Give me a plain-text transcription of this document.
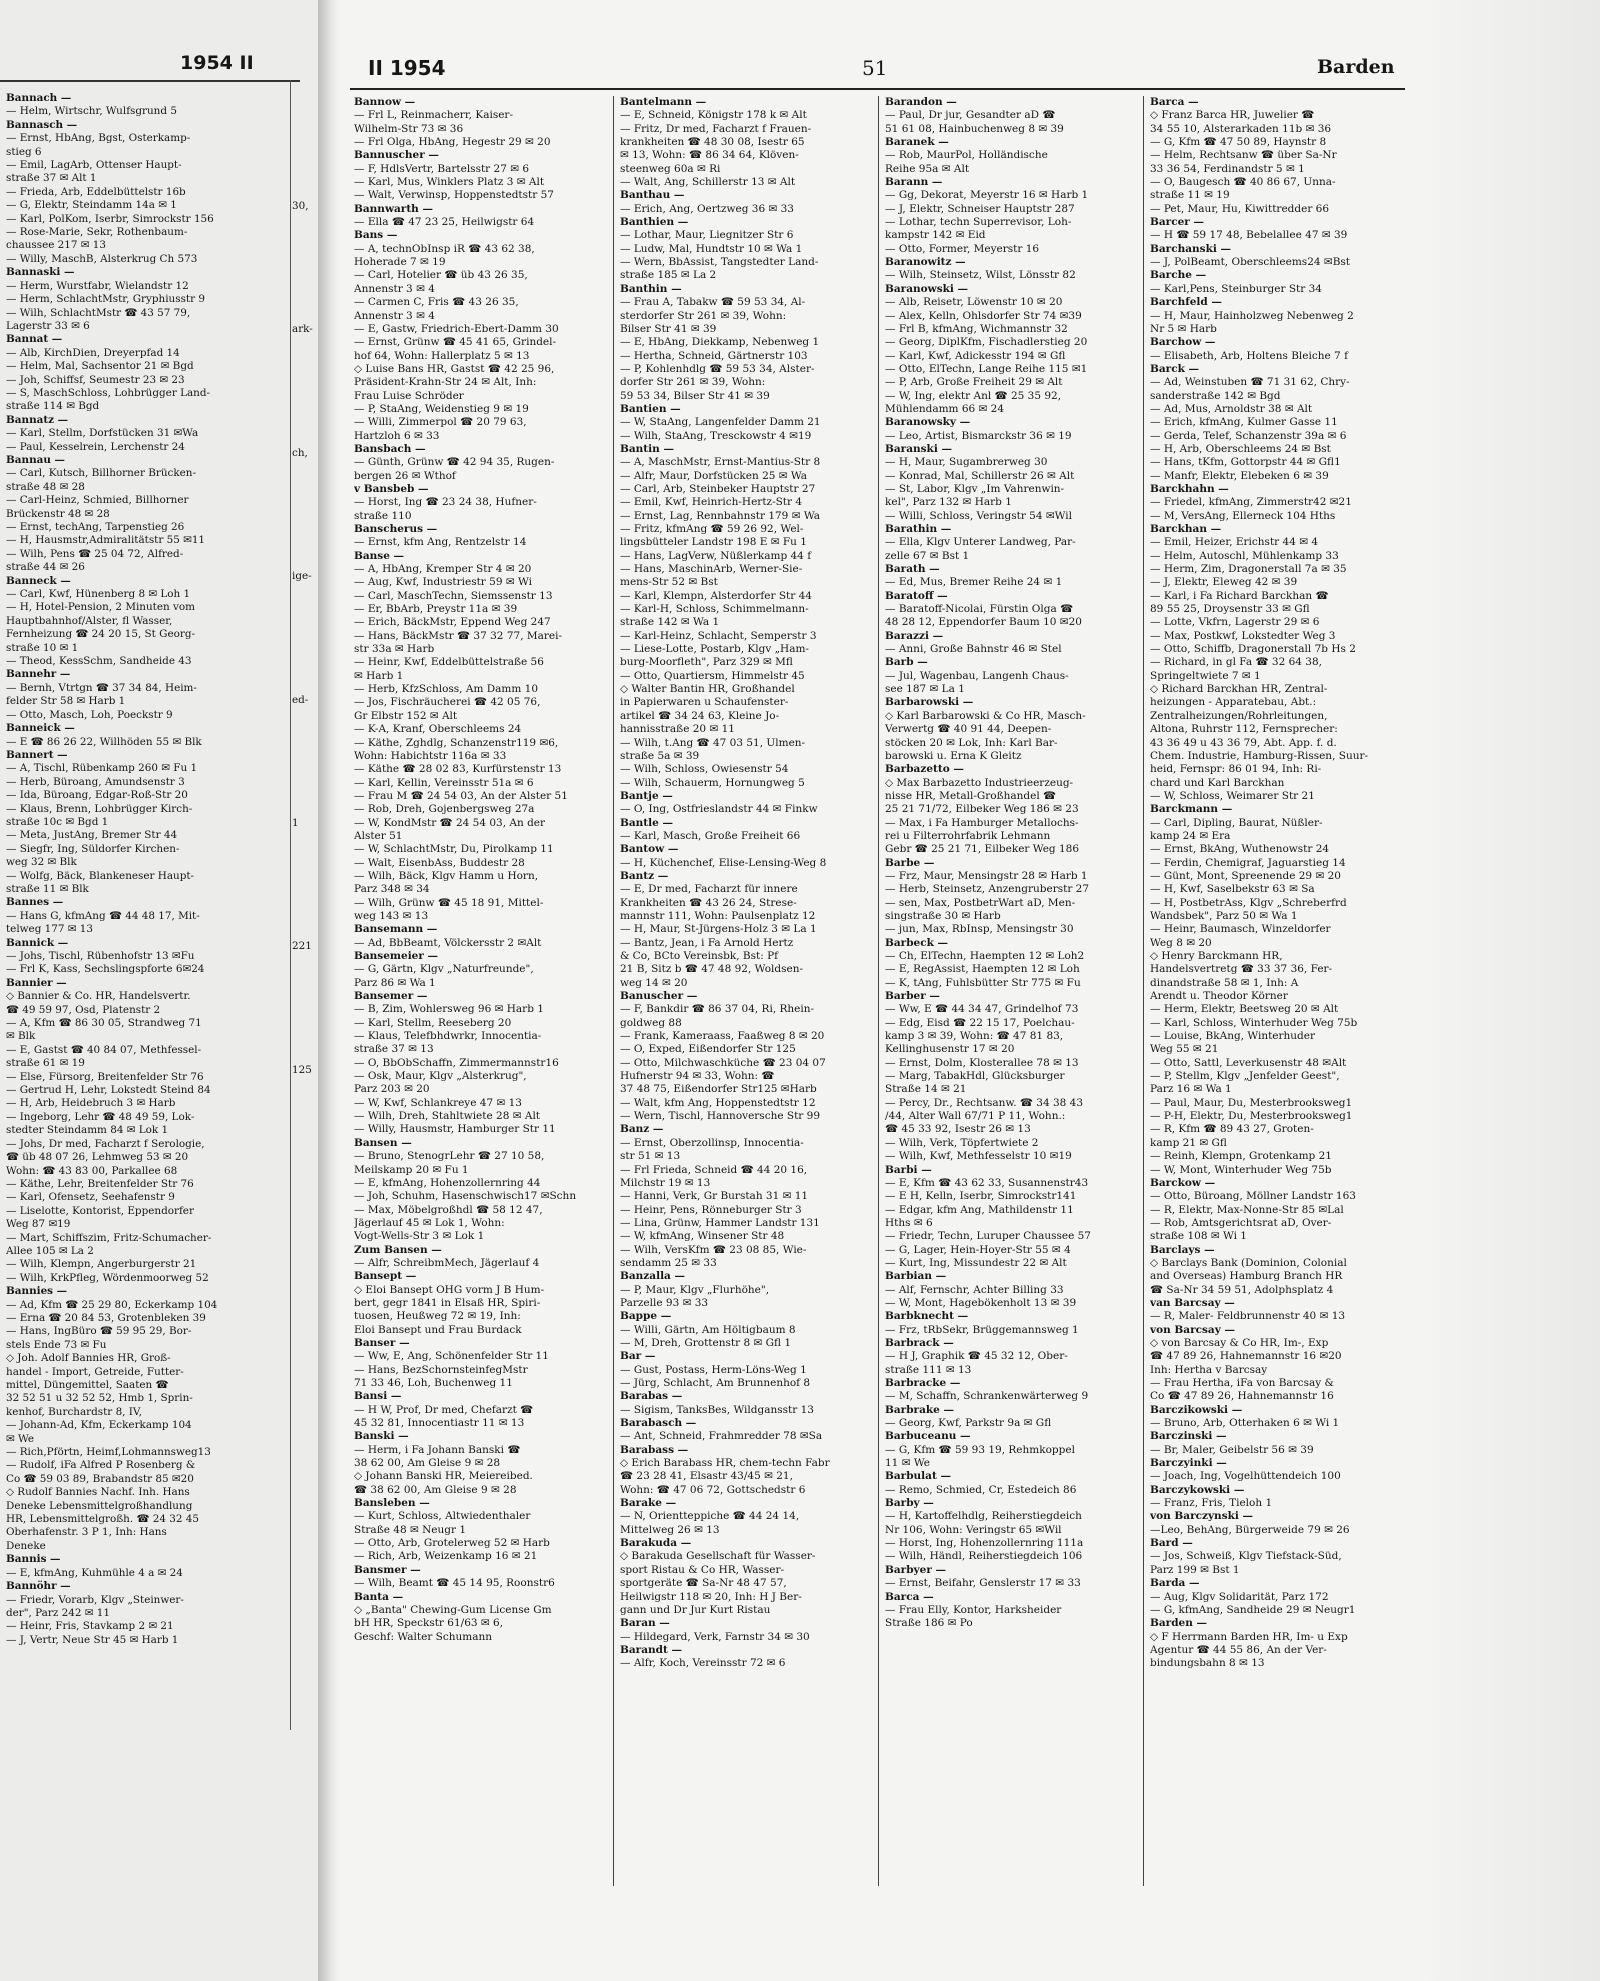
1954 II
Bannach —
— Helm, Wirtschr, Wulfsgrund 5
Bannasch —
— Ernst, HbAng, Bgst, Osterkamp-
stieg 6
— Emil, LagArb, Ottenser Haupt-
straße 37 ✉ Alt 1
— Frieda, Arb, Eddelbüttelstr 16b
— G, Elektr, Steindamm 14a ✉ 1
— Karl, PolKom, Iserbr, Simrockstr 156
— Rose-Marie, Sekr, Rothenbaum-
chaussee 217 ✉ 13
— Willy, MaschB, Alsterkrug Ch 573
Bannaski —
— Herm, Wurstfabr, Wielandstr 12
— Herm, SchlachtMstr, Gryphiusstr 9
— Wilh, SchlachtMstr ☎ 43 57 79,
Lagerstr 33 ✉ 6
Bannat —
— Alb, KirchDien, Dreyerpfad 14
— Helm, Mal, Sachsentor 21 ✉ Bgd
— Joh, Schiffsf, Seumestr 23 ✉ 23
— S, MaschSchloss, Lohbrügger Land-
straße 114 ✉ Bgd
Bannatz —
— Karl, Stellm, Dorfstücken 31 ✉Wa
— Paul, Kesselrein, Lerchenstr 24
Bannau —
— Carl, Kutsch, Billhorner Brücken-
straße 48 ✉ 28
— Carl-Heinz, Schmied, Billhorner
Brückenstr 48 ✉ 28
— Ernst, techAng, Tarpenstieg 26
— H, Hausmstr,Admiralitätstr 55 ✉11
— Wilh, Pens ☎ 25 04 72, Alfred-
straße 44 ✉ 26
Banneck —
— Carl, Kwf, Hünenberg 8 ✉ Loh 1
— H, Hotel-Pension, 2 Minuten vom
Hauptbahnhof/Alster, fl Wasser,
Fernheizung ☎ 24 20 15, St Georg-
straße 10 ✉ 1
— Theod, KessSchm, Sandheide 43
Bannehr —
— Bernh, Vtrtgn ☎ 37 34 84, Heim-
felder Str 58 ✉ Harb 1
— Otto, Masch, Loh, Poeckstr 9
Banneick —
— E ☎ 86 26 22, Willhöden 55 ✉ Blk
Bannert —
— A, Tischl, Rübenkamp 260 ✉ Fu 1
— Herb, Büroang, Amundsenstr 3
— Ida, Büroang, Edgar-Roß-Str 20
— Klaus, Brenn, Lohbrügger Kirch-
straße 10c ✉ Bgd 1
— Meta, JustAng, Bremer Str 44
— Siegfr, Ing, Süldorfer Kirchen-
weg 32 ✉ Blk
— Wolfg, Bäck, Blankeneser Haupt-
straße 11 ✉ Blk
Bannes —
— Hans G, kfmAng ☎ 44 48 17, Mit-
telweg 177 ✉ 13
Bannick —
— Johs, Tischl, Rübenhofstr 13 ✉Fu
— Frl K, Kass, Sechslingspforte 6✉24
Bannier —
◇ Bannier & Co. HR, Handelsvertr.
☎ 49 59 97, Osd, Platenstr 2
— A, Kfm ☎ 86 30 05, Strandweg 71
✉ Blk
— E, Gastst ☎ 40 84 07, Methfessel-
straße 61 ✉ 19
— Else, Fürsorg, Breitenfelder Str 76
— Gertrud H, Lehr, Lokstedt Steind 84
— H, Arb, Heidebruch 3 ✉ Harb
— Ingeborg, Lehr ☎ 48 49 59, Lok-
stedter Steindamm 84 ✉ Lok 1
— Johs, Dr med, Facharzt f Serologie,
☎ üb 48 07 26, Lehmweg 53 ✉ 20
Wohn: ☎ 43 83 00, Parkallee 68
— Käthe, Lehr, Breitenfelder Str 76
— Karl, Ofensetz, Seehafenstr 9
— Liselotte, Kontorist, Eppendorfer
Weg 87 ✉19
— Mart, Schiffszim, Fritz-Schumacher-
Allee 105 ✉ La 2
— Wilh, Klempn, Angerburgerstr 21
— Wilh, KrkPfleg, Wördenmoorweg 52
Bannies —
— Ad, Kfm ☎ 25 29 80, Eckerkamp 104
— Erna ☎ 20 84 53, Grotenbleken 39
— Hans, IngBüro ☎ 59 95 29, Bor-
stels Ende 73 ✉ Fu
◇ Joh. Adolf Bannies HR, Groß-
handel - Import, Getreide, Futter-
mittel, Düngemittel, Saaten ☎
32 52 51 u 32 52 52, Hmb 1, Sprin-
kenhof, Burchardstr 8, IV,
— Johann-Ad, Kfm, Eckerkamp 104
✉ We
— Rich,Pförtn, Heimf,Lohmannsweg13
— Rudolf, iFa Alfred P Rosenberg &
Co ☎ 59 03 89, Brabandstr 85 ✉20
◇ Rudolf Bannies Nachf. Inh. Hans
Deneke Lebensmittelgroßhandlung
HR, Lebensmittelgroßh. ☎ 24 32 45
Oberhafenstr. 3 P 1, Inh: Hans
Deneke
Bannis —
— E, kfmAng, Kuhmühle 4 a ✉ 24
Bannöhr —
— Friedr, Vorarb, Klgv „Steinwer-
der", Parz 242 ✉ 11
— Heinr, Fris, Stavkamp 2 ✉ 21
— J, Vertr, Neue Str 45 ✉ Harb 1
30,
ark-
ch,
ige-
ed-
1
221
125
II 1954	51	Barden
Bannow —
— Frl L, Reinmacherr, Kaiser-
Wilhelm-Str 73 ✉ 36
— Frl Olga, HbAng, Hegestr 29 ✉ 20
Bannuscher —
— F, HdlsVertr, Bartelsstr 27 ✉ 6
— Karl, Mus, Winklers Platz 3 ✉ Alt
— Walt, Verwinsp, Hoppenstedtstr 57
Bannwarth —
— Ella ☎ 47 23 25, Heilwigstr 64
Bans —
— A, technObInsp iR ☎ 43 62 38,
Hoherade 7 ✉ 19
— Carl, Hotelier ☎ üb 43 26 35,
Annenstr 3 ✉ 4
— Carmen C, Fris ☎ 43 26 35,
Annenstr 3 ✉ 4
— E, Gastw, Friedrich-Ebert-Damm 30
— Ernst, Grünw ☎ 45 41 65, Grindel-
hof 64, Wohn: Hallerplatz 5 ✉ 13
◇ Luise Bans HR, Gastst ☎ 42 25 96,
Präsident-Krahn-Str 24 ✉ Alt, Inh:
Frau Luise Schröder
— P, StaAng, Weidenstieg 9 ✉ 19
— Willi, Zimmerpol ☎ 20 79 63,
Hartzloh 6 ✉ 33
Bansbach —
— Günth, Grünw ☎ 42 94 35, Rugen-
bergen 26 ✉ Wthof
v Bansbeb —
— Horst, Ing ☎ 23 24 38, Hufner-
straße 110
Banscherus —
— Ernst, kfm Ang, Rentzelstr 14
Banse —
— A, HbAng, Kremper Str 4 ✉ 20
— Aug, Kwf, Industriestr 59 ✉ Wi
— Carl, MaschTechn, Siemssenstr 13
— Er, BbArb, Preystr 11a ✉ 39
— Erich, BäckMstr, Eppend Weg 247
— Hans, BäckMstr ☎ 37 32 77, Marei-
str 33a ✉ Harb
— Heinr, Kwf, Eddelbüttelstraße 56
✉ Harb 1
— Herb, KfzSchloss, Am Damm 10
— Jos, Fischräucherei ☎ 42 05 76,
Gr Elbstr 152 ✉ Alt
— K-A, Kranf, Oberschleems 24
— Käthe, Zghdlg, Schanzenstr119 ✉6,
Wohn: Habichtstr 116a ✉ 33
— Käthe ☎ 28 02 83, Kurfürstenstr 13
— Karl, Kellin, Vereinsstr 51a ✉ 6
— Frau M ☎ 24 54 03, An der Alster 51
— Rob, Dreh, Gojenbergsweg 27a
— W, KondMstr ☎ 24 54 03, An der
Alster 51
— W, SchlachtMstr, Du, Pirolkamp 11
— Walt, EisenbAss, Buddestr 28
— Wilh, Bäck, Klgv Hamm u Horn,
Parz 348 ✉ 34
— Wilh, Grünw ☎ 45 18 91, Mittel-
weg 143 ✉ 13
Bansemann —
— Ad, BbBeamt, Völckersstr 2 ✉Alt
Bansemeier —
— G, Gärtn, Klgv „Naturfreunde",
Parz 86 ✉ Wa 1
Bansemer —
— B, Zim, Wohlersweg 96 ✉ Harb 1
— Karl, Stellm, Reeseberg 20
— Klaus, Telefbhdwrkr, Innocentia-
straße 37 ✉ 13
— O, BbObSchaffn, Zimmermannstr16
— Osk, Maur, Klgv „Alsterkrug",
Parz 203 ✉ 20
— W, Kwf, Schlankreye 47 ✉ 13
— Wilh, Dreh, Stahltwiete 28 ✉ Alt
— Willy, Hausmstr, Hamburger Str 11
Bansen —
— Bruno, StenogrLehr ☎ 27 10 58,
Meilskamp 20 ✉ Fu 1
— E, kfmAng, Hohenzollernring 44
— Joh, Schuhm, Hasenschwisch17 ✉Schn
— Max, Möbelgroßhdl ☎ 58 12 47,
Jägerlauf 45 ✉ Lok 1, Wohn:
Vogt-Wells-Str 3 ✉ Lok 1
Zum Bansen —
— Alfr, SchreibmMech, Jägerlauf 4
Bansept —
◇ Eloi Bansept OHG vorm J B Hum-
bert, gegr 1841 in Elsaß HR, Spiri-
tuosen, Heußweg 72 ✉ 19, Inh:
Eloi Bansept und Frau Burdack
Banser —
— Ww, E, Ang, Schönenfelder Str 11
— Hans, BezSchornsteinfegMstr
71 33 46, Loh, Buchenweg 11
Bansi —
— H W, Prof, Dr med, Chefarzt ☎
45 32 81, Innocentiastr 11 ✉ 13
Banski —
— Herm, i Fa Johann Banski ☎
38 62 00, Am Gleise 9 ✉ 28
◇ Johann Banski HR, Meiereibed.
☎ 38 62 00, Am Gleise 9 ✉ 28
Bansleben —
— Kurt, Schloss, Altwiedenthaler
Straße 48 ✉ Neugr 1
— Otto, Arb, Grotelerweg 52 ✉ Harb
— Rich, Arb, Weizenkamp 16 ✉ 21
Bansmer —
— Wilh, Beamt ☎ 45 14 95, Roonstr6
Banta —
◇ „Banta" Chewing-Gum License Gm
bH HR, Speckstr 61/63 ✉ 6,
Geschf: Walter Schumann
Bantelmann —
— E, Schneid, Königstr 178 k ✉ Alt
— Fritz, Dr med, Facharzt f Frauen-
krankheiten ☎ 48 30 08, Isestr 65
✉ 13, Wohn: ☎ 86 34 64, Klöven-
steenweg 60a ✉ Ri
— Walt, Ang, Schillerstr 13 ✉ Alt
Banthau —
— Erich, Ang, Oertzweg 36 ✉ 33
Banthien —
— Lothar, Maur, Liegnitzer Str 6
— Ludw, Mal, Hundtstr 10 ✉ Wa 1
— Wern, BbAssist, Tangstedter Land-
straße 185 ✉ La 2
Banthin —
— Frau A, Tabakw ☎ 59 53 34, Al-
sterdorfer Str 261 ✉ 39, Wohn:
Bilser Str 41 ✉ 39
— E, HbAng, Diekkamp, Nebenweg 1
— Hertha, Schneid, Gärtnerstr 103
— P, Kohlenhdlg ☎ 59 53 34, Alster-
dorfer Str 261 ✉ 39, Wohn:
59 53 34, Bilser Str 41 ✉ 39
Bantien —
— W, StaAng, Langenfelder Damm 21
— Wilh, StaAng, Tresckowstr 4 ✉19
Bantin —
— A, MaschMstr, Ernst-Mantius-Str 8
— Alfr, Maur, Dorfstücken 25 ✉ Wa
— Carl, Arb, Steinbeker Hauptstr 27
— Emil, Kwf, Heinrich-Hertz-Str 4
— Ernst, Lag, Rennbahnstr 179 ✉ Wa
— Fritz, kfmAng ☎ 59 26 92, Wel-
lingsbütteler Landstr 198 E ✉ Fu 1
— Hans, LagVerw, Nüßlerkamp 44 f
— Hans, MaschinArb, Werner-Sie-
mens-Str 52 ✉ Bst
— Karl, Klempn, Alsterdorfer Str 44
— Karl-H, Schloss, Schimmelmann-
straße 142 ✉ Wa 1
— Karl-Heinz, Schlacht, Semperstr 3
— Liese-Lotte, Postarb, Klgv „Ham-
burg-Moorfleth", Parz 329 ✉ Mfl
— Otto, Quartiersm, Himmelstr 45
◇ Walter Bantin HR, Großhandel
in Papierwaren u Schaufenster-
artikel ☎ 34 24 63, Kleine Jo-
hannisstraße 20 ✉ 11
— Wilh, t.Ang ☎ 47 03 51, Ulmen-
straße 5a ✉ 39
— Wilh, Schloss, Owiesenstr 54
— Wilh, Schauerm, Hornungweg 5
Bantje —
— O, Ing, Ostfrieslandstr 44 ✉ Finkw
Bantle —
— Karl, Masch, Große Freiheit 66
Bantow —
— H, Küchenchef, Elise-Lensing-Weg 8
Bantz —
— E, Dr med, Facharzt für innere
Krankheiten ☎ 43 26 24, Strese-
mannstr 111, Wohn: Paulsenplatz 12
— H, Maur, St-Jürgens-Holz 3 ✉ La 1
— Bantz, Jean, i Fa Arnold Hertz
& Co, BCto Vereinsbk, Bst: Pf
21 B, Sitz b ☎ 47 48 92, Woldsen-
weg 14 ✉ 20
Banuscher —
— F, Bankdir ☎ 86 37 04, Ri, Rhein-
goldweg 88
— Frank, Kameraass, Faaßweg 8 ✉ 20
— O, Exped, Eißendorfer Str 125
— Otto, Milchwaschküche ☎ 23 04 07
Hufnerstr 94 ✉ 33, Wohn: ☎
37 48 75, Eißendorfer Str125 ✉Harb
— Walt, kfm Ang, Hoppenstedtstr 12
— Wern, Tischl, Hannoversche Str 99
Banz —
— Ernst, Oberzollinsp, Innocentia-
str 51 ✉ 13
— Frl Frieda, Schneid ☎ 44 20 16,
Milchstr 19 ✉ 13
— Hanni, Verk, Gr Burstah 31 ✉ 11
— Heinr, Pens, Rönneburger Str 3
— Lina, Grünw, Hammer Landstr 131
— W, kfmAng, Winsener Str 48
— Wilh, VersKfm ☎ 23 08 85, Wie-
sendamm 25 ✉ 33
Banzalla —
— P, Maur, Klgv „Flurhöhe",
Parzelle 93 ✉ 33
Bappe —
— Willi, Gärtn, Am Höltigbaum 8
— M, Dreh, Grottenstr 8 ✉ Gfl 1
Bar —
— Gust, Postass, Herm-Löns-Weg 1
— Jürg, Schlacht, Am Brunnenhof 8
Barabas —
— Sigism, TanksBes, Wildgansstr 13
Barabasch —
— Ant, Schneid, Frahmredder 78 ✉Sa
Barabass —
◇ Erich Barabass HR, chem-techn Fabr
☎ 23 28 41, Elsastr 43/45 ✉ 21,
Wohn: ☎ 47 06 72, Gottschedstr 6
Barake —
— N, Orientteppiche ☎ 44 24 14,
Mittelweg 26 ✉ 13
Barakuda —
◇ Barakuda Gesellschaft für Wasser-
sport Ristau & Co HR, Wasser-
sportgeräte ☎ Sa-Nr 48 47 57,
Heilwigstr 118 ✉ 20, Inh: H J Ber-
gann und Dr Jur Kurt Ristau
Baran —
— Hildegard, Verk, Farnstr 34 ✉ 30
Barandt —
— Alfr, Koch, Vereinsstr 72 ✉ 6
Barandon —
— Paul, Dr jur, Gesandter aD ☎
51 61 08, Hainbuchenweg 8 ✉ 39
Baranek —
— Rob, MaurPol, Holländische
Reihe 95a ✉ Alt
Barann —
— Gg, Dekorat, Meyerstr 16 ✉ Harb 1
— J, Elektr, Schneiser Hauptstr 287
— Lothar, techn Superrevisor, Loh-
kampstr 142 ✉ Eid
— Otto, Former, Meyerstr 16
Baranowitz —
— Wilh, Steinsetz, Wilst, Lönsstr 82
Baranowski —
— Alb, Reisetr, Löwenstr 10 ✉ 20
— Alex, Kelln, Ohlsdorfer Str 74 ✉39
— Frl B, kfmAng, Wichmannstr 32
— Georg, DiplKfm, Fischadlerstieg 20
— Karl, Kwf, Adickesstr 194 ✉ Gfl
— Otto, ElTechn, Lange Reihe 115 ✉1
— P, Arb, Große Freiheit 29 ✉ Alt
— W, Ing, elektr Anl ☎ 25 35 92,
Mühlendamm 66 ✉ 24
Baranowsky —
— Leo, Artist, Bismarckstr 36 ✉ 19
Baranski —
— H, Maur, Sugambrerweg 30
— Konrad, Mal, Schillerstr 26 ✉ Alt
— St, Labor, Klgv „Im Vahrenwin-
kel", Parz 132 ✉ Harb 1
— Willi, Schloss, Veringstr 54 ✉Wil
Barathin —
— Ella, Klgv Unterer Landweg, Par-
zelle 67 ✉ Bst 1
Barath —
— Ed, Mus, Bremer Reihe 24 ✉ 1
Baratoff —
— Baratoff-Nicolai, Fürstin Olga ☎
48 28 12, Eppendorfer Baum 10 ✉20
Barazzi —
— Anni, Große Bahnstr 46 ✉ Stel
Barb —
— Jul, Wagenbau, Langenh Chaus-
see 187 ✉ La 1
Barbarowski —
◇ Karl Barbarowski & Co HR, Masch-
Verwertg ☎ 40 91 44, Deepen-
stöcken 20 ✉ Lok, Inh: Karl Bar-
barowski u. Erna K Gleitz
Barbazetto —
◇ Max Barbazetto Industrieerzeug-
nisse HR, Metall-Großhandel ☎
25 21 71/72, Eilbeker Weg 186 ✉ 23
— Max, i Fa Hamburger Metallochs-
rei u Filterrohrfabrik Lehmann
Gebr ☎ 25 21 71, Eilbeker Weg 186
Barbe —
— Frz, Maur, Mensingstr 28 ✉ Harb 1
— Herb, Steinsetz, Anzengruberstr 27
— sen, Max, PostbetrWart aD, Men-
singstraße 30 ✉ Harb
— jun, Max, RbInsp, Mensingstr 30
Barbeck —
— Ch, ElTechn, Haempten 12 ✉ Loh2
— E, RegAssist, Haempten 12 ✉ Loh
— K, tAng, Fuhlsbütter Str 775 ✉ Fu
Barber —
— Ww, E ☎ 44 34 47, Grindelhof 73
— Edg, Eisd ☎ 22 15 17, Poelchau-
kamp 3 ✉ 39, Wohn: ☎ 47 81 83,
Kellinghusenstr 17 ✉ 20
— Ernst, Dolm, Klosterallee 78 ✉ 13
— Marg, TabakHdl, Glücksburger
Straße 14 ✉ 21
— Percy, Dr., Rechtsanw. ☎ 34 38 43
/44, Alter Wall 67/71 P 11, Wohn.:
☎ 45 33 92, Isestr 26 ✉ 13
— Wilh, Verk, Töpfertwiete 2
— Wilh, Kwf, Methfesselstr 10 ✉19
Barbi —
— E, Kfm ☎ 43 62 33, Susannenstr43
— E H, Kelln, Iserbr, Simrockstr141
— Edgar, kfm Ang, Mathildenstr 11
Hths ✉ 6
— Friedr, Techn, Luruper Chaussee 57
— G, Lager, Hein-Hoyer-Str 55 ✉ 4
— Kurt, Ing, Missundestr 22 ✉ Alt
Barbian —
— Alf, Fernschr, Achter Billing 33
— W, Mont, Hagebökenholt 13 ✉ 39
Barbknecht —
— Frz, tRbSekr, Brüggemannsweg 1
Barbrack —
— H J, Graphik ☎ 45 32 12, Ober-
straße 111 ✉ 13
Barbracke —
— M, Schaffn, Schrankenwärterweg 9
Barbrake —
— Georg, Kwf, Parkstr 9a ✉ Gfl
Barbuceanu —
— G, Kfm ☎ 59 93 19, Rehmkoppel
11 ✉ We
Barbulat —
— Remo, Schmied, Cr, Estedeich 86
Barby —
— H, Kartoffelhdlg, Reiherstiegdeich
Nr 106, Wohn: Veringstr 65 ✉Wil
— Horst, Ing, Hohenzollernring 111a
— Wilh, Händl, Reiherstiegdeich 106
Barbyer —
— Ernst, Beifahr, Genslerstr 17 ✉ 33
Barca —
— Frau Elly, Kontor, Harksheider
Straße 186 ✉ Po
Barca —
◇ Franz Barca HR, Juwelier ☎
34 55 10, Alsterarkaden 11b ✉ 36
— G, Kfm ☎ 47 50 89, Haynstr 8
— Helm, Rechtsanw ☎ über Sa-Nr
33 36 54, Ferdinandstr 5 ✉ 1
— O, Baugesch ☎ 40 86 67, Unna-
straße 11 ✉ 19
— Pet, Maur, Hu, Kiwittredder 66
Barcer —
— H ☎ 59 17 48, Bebelallee 47 ✉ 39
Barchanski —
— J, PolBeamt, Oberschleems24 ✉Bst
Barche —
— Karl,Pens, Steinburger Str 34
Barchfeld —
— H, Maur, Hainholzweg Nebenweg 2
Nr 5 ✉ Harb
Barchow —
— Elisabeth, Arb, Holtens Bleiche 7 f
Barck —
— Ad, Weinstuben ☎ 71 31 62, Chry-
sanderstraße 142 ✉ Bgd
— Ad, Mus, Arnoldstr 38 ✉ Alt
— Erich, kfmAng, Kulmer Gasse 11
— Gerda, Telef, Schanzenstr 39a ✉ 6
— H, Arb, Oberschleems 24 ✉ Bst
— Hans, tKfm, Gottorpstr 44 ✉ Gfl1
— Manfr, Elektr, Elebeken 6 ✉ 39
Barckhahn —
— Friedel, kfmAng, Zimmerstr42 ✉21
— M, VersAng, Ellerneck 104 Hths
Barckhan —
— Emil, Heizer, Erichstr 44 ✉ 4
— Helm, Autoschl, Mühlenkamp 33
— Herm, Zim, Dragonerstall 7a ✉ 35
— J, Elektr, Eleweg 42 ✉ 39
— Karl, i Fa Richard Barckhan ☎
89 55 25, Droysenstr 33 ✉ Gfl
— Lotte, Vkfrn, Lagerstr 29 ✉ 6
— Max, Postkwf, Lokstedter Weg 3
— Otto, Schiffb, Dragonerstall 7b Hs 2
— Richard, in gl Fa ☎ 32 64 38,
Springeltwiete 7 ✉ 1
◇ Richard Barckhan HR, Zentral-
heizungen - Apparatebau, Abt.:
Zentralheizungen/Rohrleitungen,
Altona, Ruhrstr 112, Fernsprecher:
43 36 49 u 43 36 79, Abt. App. f. d.
Chem. Industrie, Hamburg-Rissen, Suur-
heid, Fernspr: 86 01 94, Inh: Ri-
chard und Karl Barckhan
— W, Schloss, Weimarer Str 21
Barckmann —
— Carl, Dipling, Baurat, Nüßler-
kamp 24 ✉ Era
— Ernst, BkAng, Wuthenowstr 24
— Ferdin, Chemigraf, Jaguarstieg 14
— Günt, Mont, Spreenende 29 ✉ 20
— H, Kwf, Saselbekstr 63 ✉ Sa
— H, PostbetrAss, Klgv „Schreberfrd
Wandsbek", Parz 50 ✉ Wa 1
— Heinr, Baumasch, Winzeldorfer
Weg 8 ✉ 20
◇ Henry Barckmann HR,
Handelsvertretg ☎ 33 37 36, Fer-
dinandstraße 58 ✉ 1, Inh: A
Arendt u. Theodor Körner
— Herm, Elektr, Beetsweg 20 ✉ Alt
— Karl, Schloss, Winterhuder Weg 75b
— Louise, BkAng, Winterhuder
Weg 55 ✉ 21
— Otto, Sattl, Leverkusenstr 48 ✉Alt
— P, Stellm, Klgv „Jenfelder Geest",
Parz 16 ✉ Wa 1
— Paul, Maur, Du, Mesterbrooksweg1
— P-H, Elektr, Du, Mesterbrooksweg1
— R, Kfm ☎ 89 43 27, Groten-
kamp 21 ✉ Gfl
— Reinh, Klempn, Grotenkamp 21
— W, Mont, Winterhuder Weg 75b
Barckow —
— Otto, Büroang, Möllner Landstr 163
— R, Elektr, Max-Nonne-Str 85 ✉Lal
— Rob, Amtsgerichtsrat aD, Over-
straße 108 ✉ Wi 1
Barclays —
◇ Barclays Bank (Dominion, Colonial
and Overseas) Hamburg Branch HR
☎ Sa-Nr 34 59 51, Adolphsplatz 4
van Barcsay —
— R, Maler- Feldbrunnenstr 40 ✉ 13
von Barcsay —
◇ von Barcsay & Co HR, Im-, Exp
☎ 47 89 26, Hahnemannstr 16 ✉20
Inh: Hertha v Barcsay
— Frau Hertha, iFa von Barcsay &
Co ☎ 47 89 26, Hahnemannstr 16
Barczikowski —
— Bruno, Arb, Otterhaken 6 ✉ Wi 1
Barczinski —
— Br, Maler, Geibelstr 56 ✉ 39
Barczyinki —
— Joach, Ing, Vogelhüttendeich 100
Barczykowski —
— Franz, Fris, Tieloh 1
von Barczynski —
—Leo, BehAng, Bürgerweide 79 ✉ 26
Bard —
— Jos, Schweiß, Klgv Tiefstack-Süd,
Parz 199 ✉ Bst 1
Barda —
— Aug, Klgv Solidarität, Parz 172
— G, kfmAng, Sandheide 29 ✉ Neugr1
Barden —
◇ F Herrmann Barden HR, Im- u Exp
Agentur ☎ 44 55 86, An der Ver-
bindungsbahn 8 ✉ 13
